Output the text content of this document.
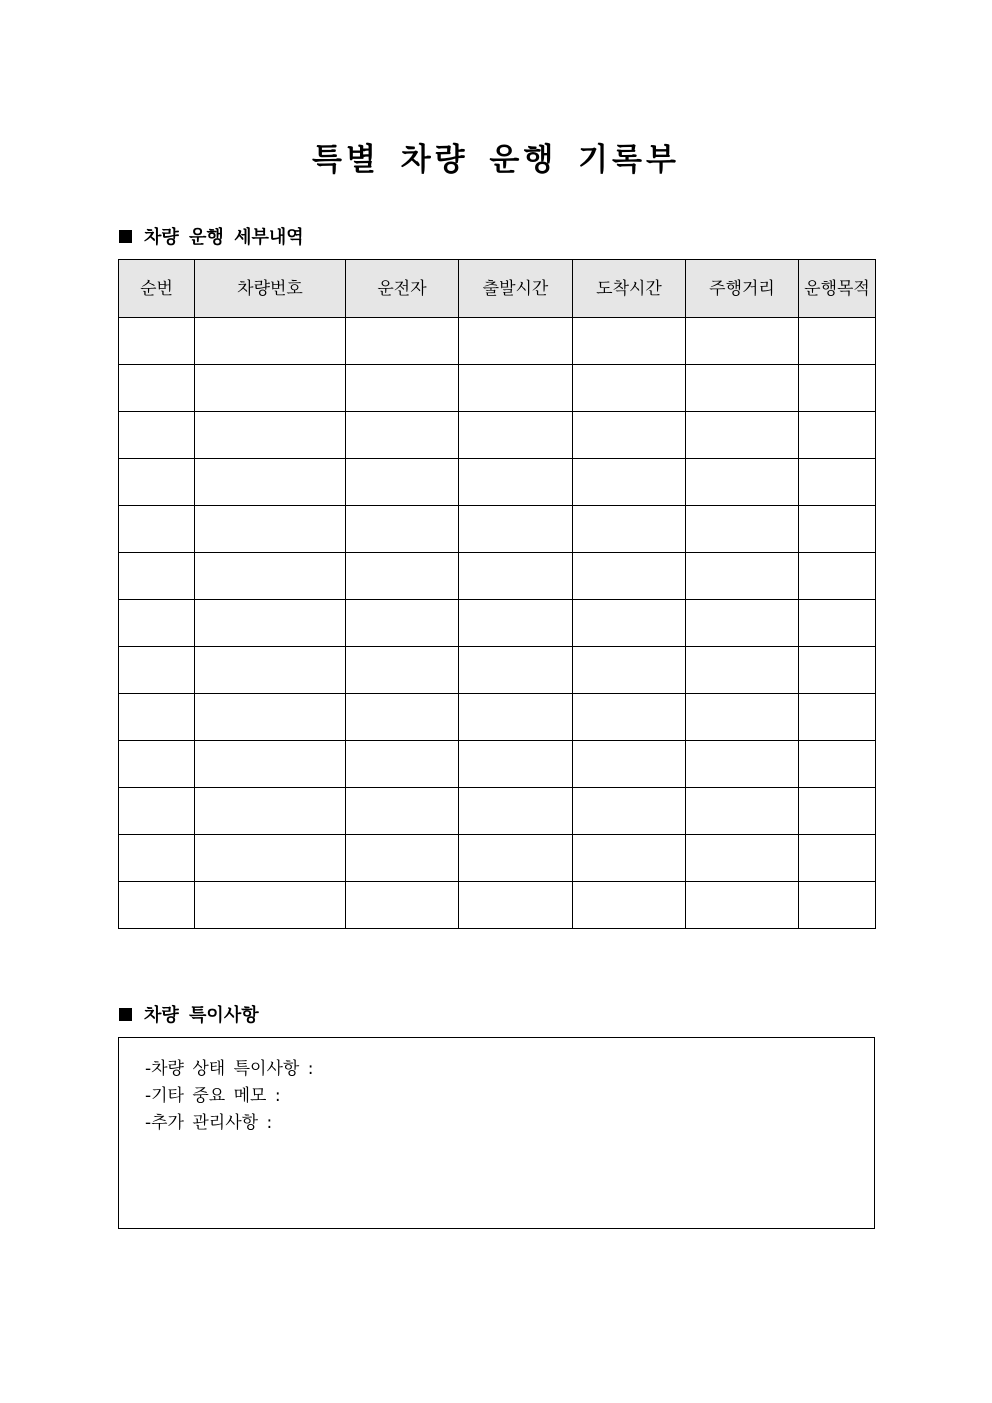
특별 차량 운행 기록부
차량 운행 세부내역
순번	차량번호	운전자	출발시간	도착시간	주행거리	운행목적

차량 특이사항
-차량 상태 특이사항 :
-기타 중요 메모 :
-추가 관리사항 :
